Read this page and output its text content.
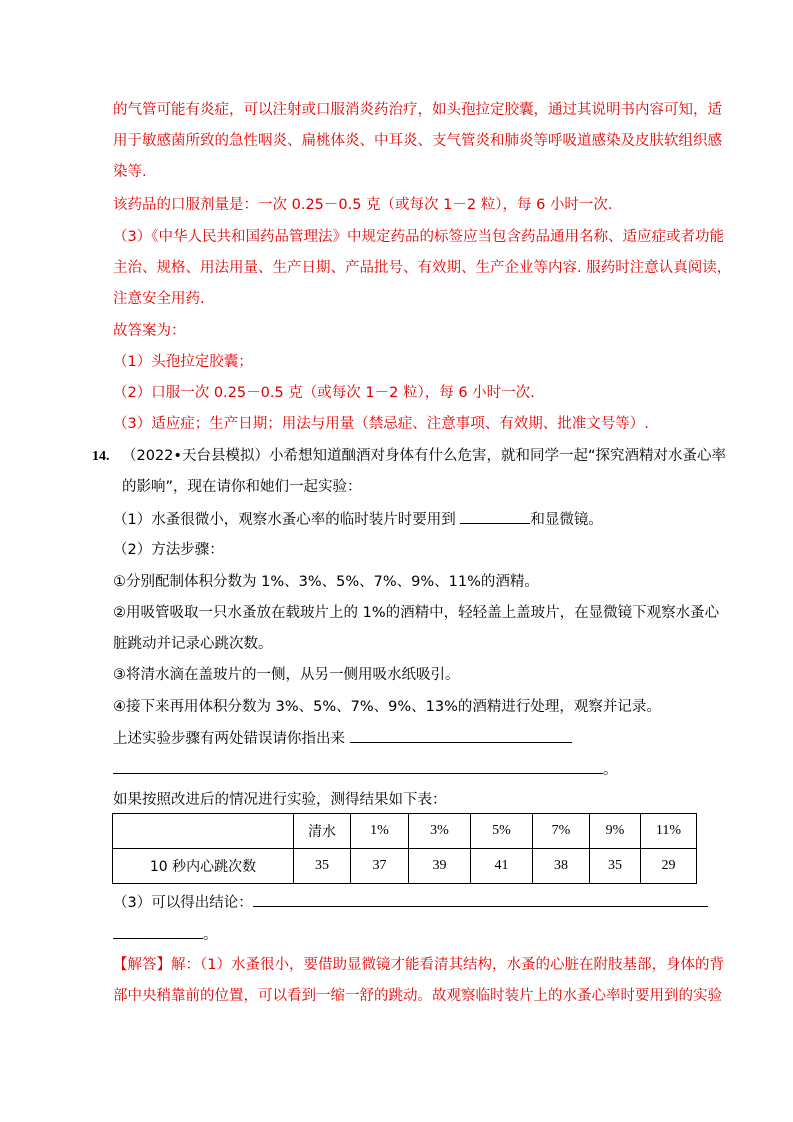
的气管可能有炎症，可以注射或口服消炎药治疗，如头孢拉定胶囊，通过其说明书内容可知，适
用于敏感菌所致的急性咽炎、扁桃体炎、中耳炎、支气管炎和肺炎等呼吸道感染及皮肤软组织感
染等.
该药品的口服剂量是：一次 0.25－0.5 克（或每次 1－2 粒），每 6 小时一次.
（3）《中华人民共和国药品管理法》中规定药品的标签应当包含药品通用名称、适应症或者功能
主治、规格、用法用量、生产日期、产品批号、有效期、生产企业等内容. 服药时注意认真阅读，
注意安全用药.
故答案为：
（1）头孢拉定胶囊；
（2）口服一次 0.25－0.5 克（或每次 1－2 粒），每 6 小时一次.
（3）适应症；生产日期；用法与用量（禁忌症、注意事项、有效期、批准文号等）.
14. （2022•天台县模拟）小希想知道酗酒对身体有什么危害，就和同学一起“探究酒精对水蚤心率
的影响”，现在请你和她们一起实验：
（1）水蚤很微小，观察水蚤心率的临时装片时要用到	和显微镜。
（2）方法步骤：
①分别配制体积分数为 1%、3%、5%、7%、9%、11%的酒精。
②用吸管吸取一只水蚤放在载玻片上的 1%的酒精中，轻轻盖上盖玻片，在显微镜下观察水蚤心
脏跳动并记录心跳次数。
③将清水滴在盖玻片的一侧，从另一侧用吸水纸吸引。
④接下来再用体积分数为 3%、5%、7%、9%、13%的酒精进行处理，观察并记录。
上述实验步骤有两处错误请你指出来
。
如果按照改进后的情况进行实验，测得结果如下表：
	清水	1%	3%	5%	7%	9%	11%
10 秒内心跳次数	35	37	39	41	38	35	29
（3）可以得出结论：
。
【解答】解：（1）水蚤很小，要借助显微镜才能看清其结构，水蚤的心脏在附肢基部，身体的背
部中央稍靠前的位置，可以看到一缩一舒的跳动。故观察临时装片上的水蚤心率时要用到的实验
